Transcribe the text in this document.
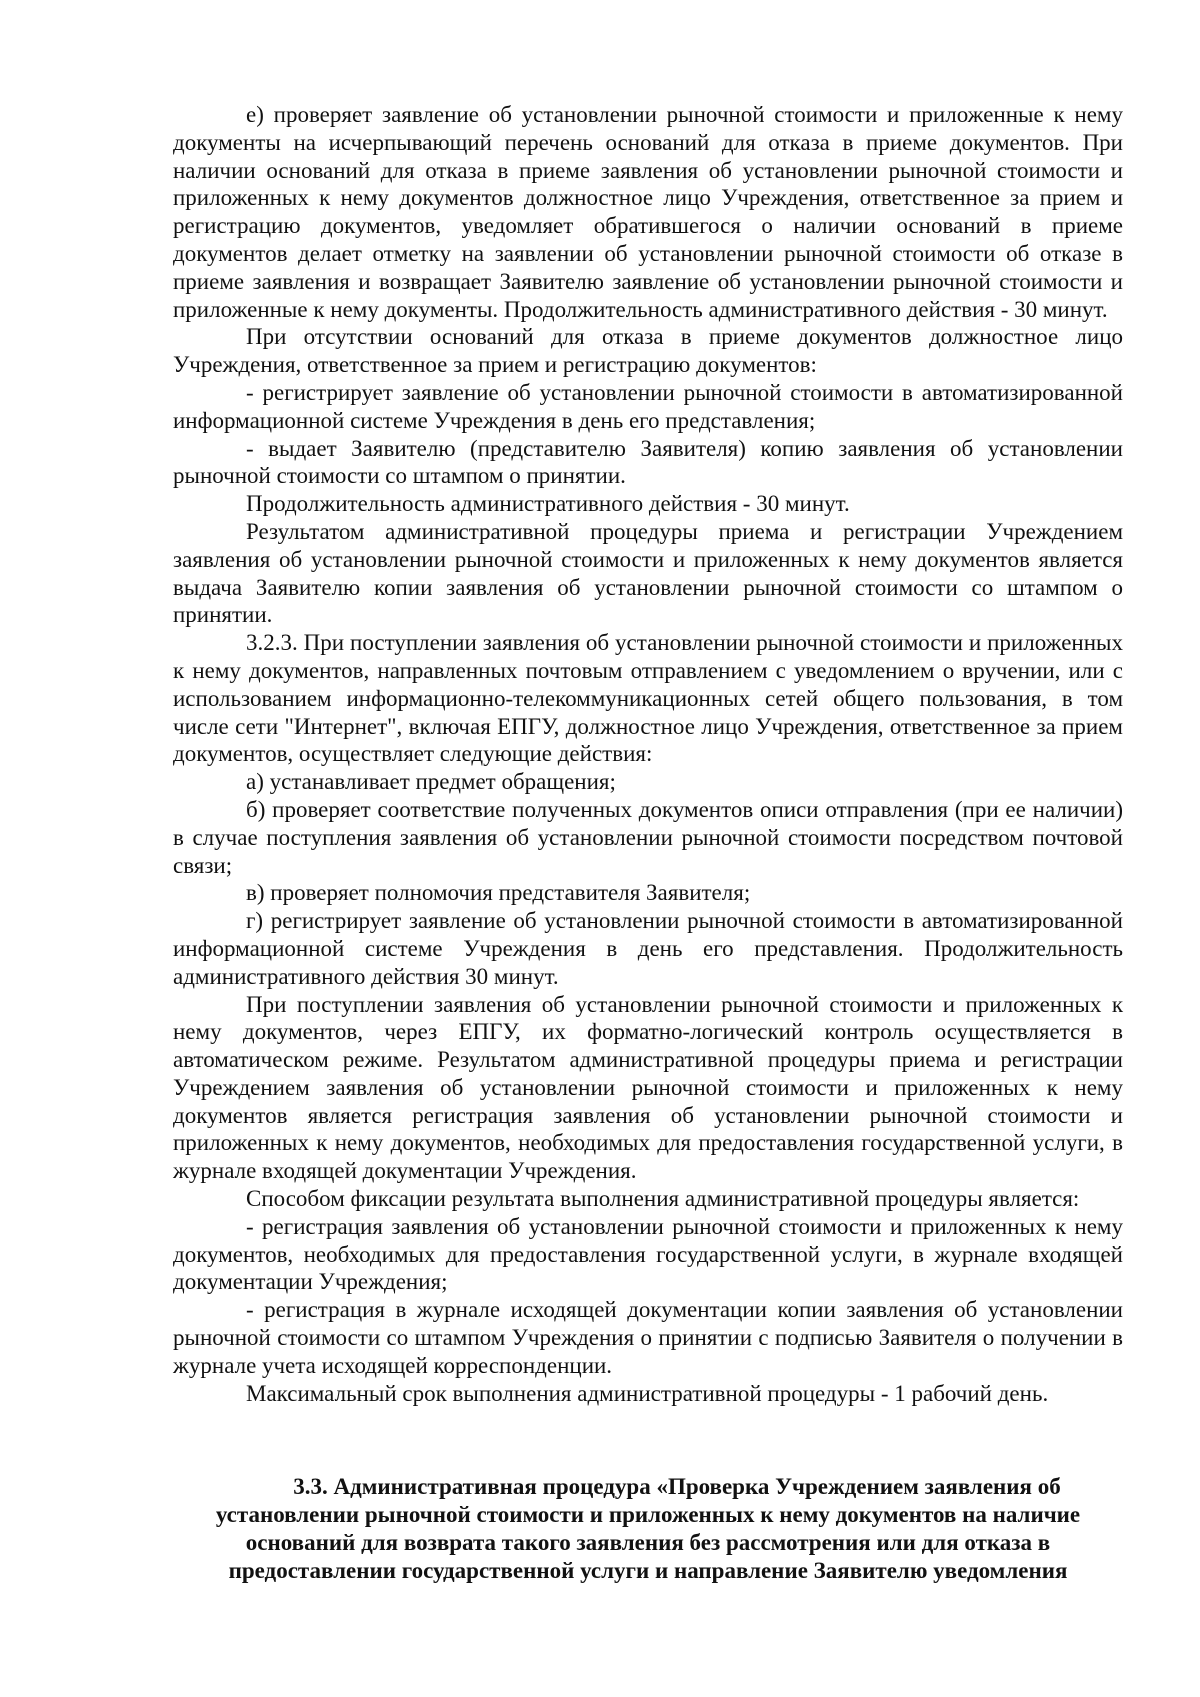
е) проверяет заявление об установлении рыночной стоимости и приложенные к нему документы на исчерпывающий перечень оснований для отказа в приеме документов. При наличии оснований для отказа в приеме заявления об установлении рыночной стоимости и приложенных к нему документов должностное лицо Учреждения, ответственное за прием и регистрацию документов, уведомляет обратившегося о наличии оснований в приеме документов делает отметку на заявлении об установлении рыночной стоимости об отказе в приеме заявления и возвращает Заявителю заявление об установлении рыночной стоимости и приложенные к нему документы. Продолжительность административного действия - 30 минут.

При отсутствии оснований для отказа в приеме документов должностное лицо Учреждения, ответственное за прием и регистрацию документов:

- регистрирует заявление об установлении рыночной стоимости в автоматизированной информационной системе Учреждения в день его представления;

- выдает Заявителю (представителю Заявителя) копию заявления об установлении рыночной стоимости со штампом о принятии.

Продолжительность административного действия - 30 минут.

Результатом административной процедуры приема и регистрации Учреждением заявления об установлении рыночной стоимости и приложенных к нему документов является выдача Заявителю копии заявления об установлении рыночной стоимости со штампом о принятии.

3.2.3. При поступлении заявления об установлении рыночной стоимости и приложенных к нему документов, направленных почтовым отправлением с уведомлением о вручении, или с использованием информационно-телекоммуникационных сетей общего пользования, в том числе сети "Интернет", включая ЕПГУ, должностное лицо Учреждения, ответственное за прием документов, осуществляет следующие действия:

а) устанавливает предмет обращения;

б) проверяет соответствие полученных документов описи отправления (при ее наличии) в случае поступления заявления об установлении рыночной стоимости посредством почтовой связи;

в) проверяет полномочия представителя Заявителя;

г) регистрирует заявление об установлении рыночной стоимости в автоматизированной информационной системе Учреждения в день его представления. Продолжительность административного действия 30 минут.

При поступлении заявления об установлении рыночной стоимости и приложенных к нему документов, через ЕПГУ, их форматно-логический контроль осуществляется в автоматическом режиме. Результатом административной процедуры приема и регистрации Учреждением заявления об установлении рыночной стоимости и приложенных к нему документов является регистрация заявления об установлении рыночной стоимости и приложенных к нему документов, необходимых для предоставления государственной услуги, в журнале входящей документации Учреждения.

Способом фиксации результата выполнения административной процедуры является:

- регистрация заявления об установлении рыночной стоимости и приложенных к нему документов, необходимых для предоставления государственной услуги, в журнале входящей документации Учреждения;

- регистрация в журнале исходящей документации копии заявления об установлении рыночной стоимости со штампом Учреждения о принятии с подписью Заявителя о получении в журнале учета исходящей корреспонденции.

Максимальный срок выполнения административной процедуры - 1 рабочий день.

3.3. Административная процедура «Проверка Учреждением заявления об
установлении рыночной стоимости и приложенных к нему документов на наличие
оснований для возврата такого заявления без рассмотрения или для отказа в
предоставлении государственной услуги и направление Заявителю уведомления
